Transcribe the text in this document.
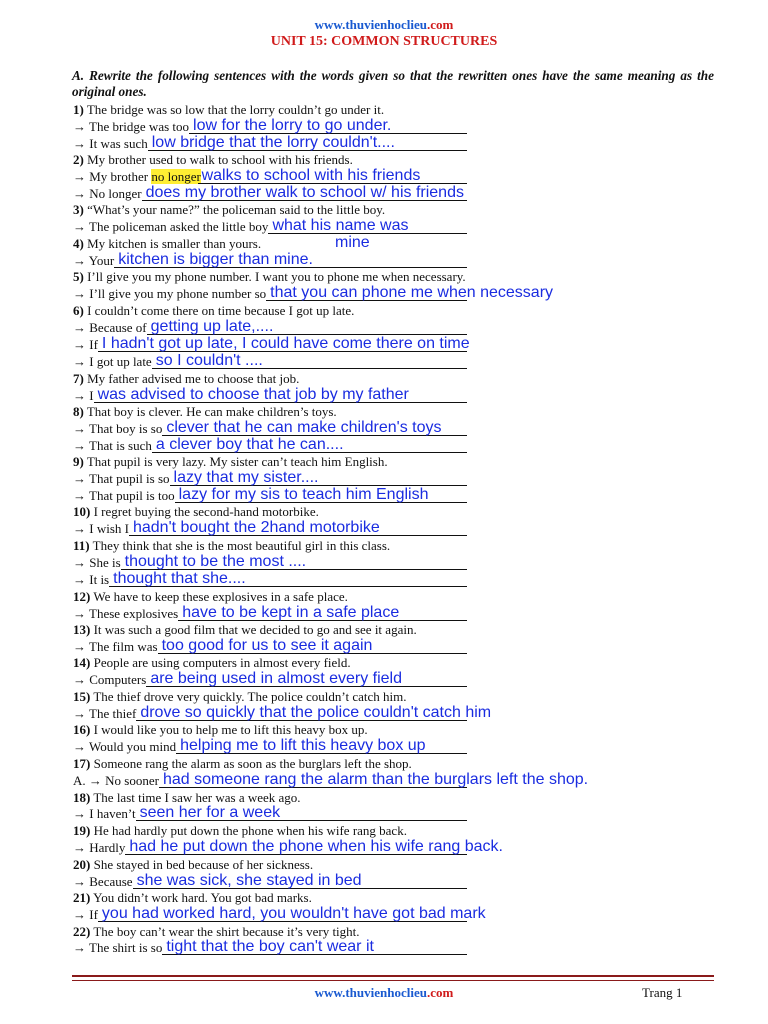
www.thuvienhoclieu.com
UNIT 15: COMMON STRUCTURES
A. Rewrite the following sentences with the words given so that the rewritten ones have the same meaning as the original ones.
1) The bridge was so low that the lorry couldn’t go under it.
→ The bridge was too low for the lorry to go under.
→ It was such low bridge that the lorry couldn't....
2) My brother used to walk to school with his friends.
→ My brother no longer walks to school with his friends
→ No longer does my brother walk to school w/ his friends
3) “What’s your name?” the policeman said to the little boy.
→ The policeman asked the little boy what his name was
mine
4) My kitchen is smaller than yours.
→ Your kitchen is bigger than mine.
5) I’ll give you my phone number. I want you to phone me when necessary.
→ I’ll give you my phone number so that you can phone me when necessary
6) I couldn’t come there on time because I got up late.
→ Because of getting up late,....
→ If I hadn't got up late, I could have come there on time
→ I got up late so I couldn't ....
7) My father advised me to choose that job.
→ I was advised to choose that job by my father
8) That boy is clever. He can make children’s toys.
→ That boy is so clever that he can make children's toys
→ That is such a clever boy that he can....
9) That pupil is very lazy. My sister can’t teach him English.
→ That pupil is so lazy that my sister....
→ That pupil is too lazy for my sis to teach him English
10) I regret buying the second-hand motorbike.
→ I wish I hadn't bought the 2hand motorbike
11) They think that she is the most beautiful girl in this class.
→ She is thought to be the most ....
→ It is thought that she....
12) We have to keep these explosives in a safe place.
→ These explosives have to be kept in a safe place
13) It was such a good film that we decided to go and see it again.
→ The film was too good for us to see it again
14) People are using computers in almost every field.
→ Computers are being used in almost every field
15) The thief drove very quickly. The police couldn’t catch him.
→ The thief drove so quickly that the police couldn't catch him
16) I would like you to help me to lift this heavy box up.
→ Would you mind helping me to lift this heavy box up
17) Someone rang the alarm as soon as the burglars left the shop.
A. → No sooner had someone rang the alarm than the burglars left the shop.
18) The last time I saw her was a week ago.
→ I haven’t seen her for a week
19) He had hardly put down the phone when his wife rang back.
→ Hardly had he put down the phone when his wife rang back.
20) She stayed in bed because of her sickness.
→ Because she was sick, she stayed in bed
21) You didn’t work hard. You got bad marks.
→ If you had worked hard, you wouldn't have got bad mark
22) The boy can’t wear the shirt because it’s very tight.
→ The shirt is so tight that the boy can't wear it
www.thuvienhoclieu.com	Trang 1
